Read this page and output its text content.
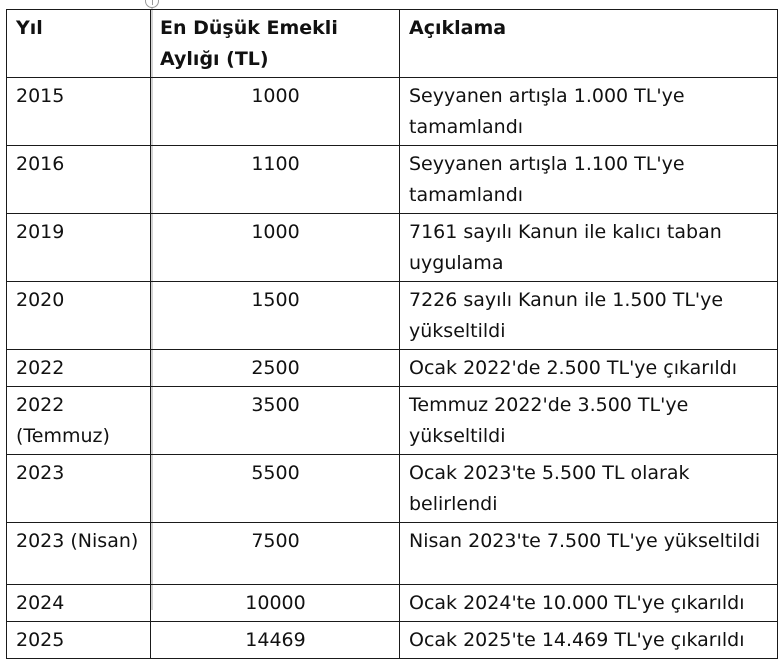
Yıl	En Düşük Emekli Aylığı (TL)	Açıklama
2015	1000	Seyyanen artışla 1.000 TL'ye tamamlandı
2016	1100	Seyyanen artışla 1.100 TL'ye tamamlandı
2019	1000	7161 sayılı Kanun ile kalıcı taban uygulama
2020	1500	7226 sayılı Kanun ile 1.500 TL'ye yükseltildi
2022	2500	Ocak 2022'de 2.500 TL'ye çıkarıldı
2022 (Temmuz)	3500	Temmuz 2022'de 3.500 TL'ye yükseltildi
2023	5500	Ocak 2023'te 5.500 TL olarak belirlendi
2023 (Nisan)	7500	Nisan 2023'te 7.500 TL'ye yükseltildi
2024	10000	Ocak 2024'te 10.000 TL'ye çıkarıldı
2025	14469	Ocak 2025'te 14.469 TL'ye çıkarıldı
